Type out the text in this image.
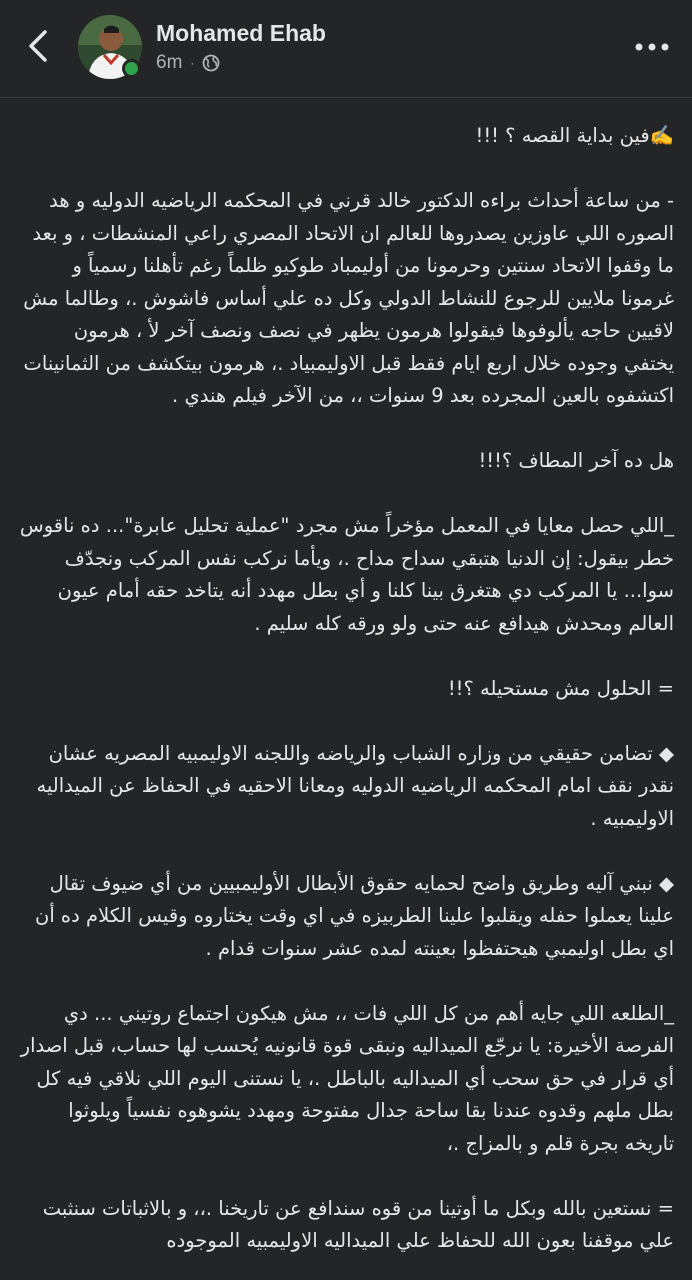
Mohamed Ehab
6m ·

✍️فين بداية القصه ؟ !!!

- من ساعة أحداث براءه الدكتور خالد قرني في المحكمه الرياضيه الدوليه و هد الصوره اللي عاوزين يصدروها للعالم ان الاتحاد المصري راعي المنشطات ، و بعد ما وقفوا الاتحاد سنتين وحرمونا من أوليمباد طوكيو ظلماً رغم تأهلنا رسمياً و غرمونا ملايين للرجوع للنشاط الدولي وكل ده علي أساس فاشوش .، وطالما مش لاقيين حاجه يألوفوها فيقولوا هرمون يظهر في نصف ونصف آخر لأ ، هرمون يختفي وجوده خلال اربع ايام فقط قبل الاوليمبياد .، هرمون بيتكشف من الثمانينات اكتشفوه بالعين المجرده بعد 9 سنوات ،، من الآخر فيلم هندي .

هل ده آخر المطاف ؟!!!

_اللي حصل معايا في المعمل مؤخراً مش مجرد "عملية تحليل عابرة"... ده ناقوس خطر بيقول: إن الدنيا هتبقي سداح مداح .، ويأما نركب نفس المركب ونجدّف سوا... يا المركب دي هتغرق بينا كلنا و أي بطل مهدد أنه يتاخد حقه أمام عيون العالم ومحدش هيدافع عنه حتى ولو ورقه كله سليم .

= الحلول مش مستحيله ؟!!

◆ تضامن حقيقي من وزاره الشباب والرياضه واللجنه الاوليمبيه المصريه عشان نقدر نقف امام المحكمه الرياضيه الدوليه ومعانا الاحقيه في الحفاظ عن الميداليه الاوليمبيه .

◆ نبني آليه وطريق واضح لحمايه حقوق الأبطال الأوليمبيين من أي ضيوف تقال علينا يعملوا حفله ويقلبوا علينا الطربيزه في اي وقت يختاروه وقيس الكلام ده أن اي بطل اوليمبي هيحتفظوا بعينته لمده عشر سنوات قدام .

_الطلعه اللي جايه أهم من كل اللي فات ،، مش هيكون اجتماع روتيني ... دي الفرصة الأخيرة: يا نرجّع الميداليه ونبقى قوة قانونيه يُحسب لها حساب، قبل اصدار أي قرار في حق سحب أي الميداليه بالباطل .، يا نستنى اليوم اللي نلاقي فيه كل بطل ملهم وقدوه عندنا بقا ساحة جدال مفتوحة ومهدد يشوهوه نفسياً ويلوثوا تاريخه بجرة قلم و بالمزاج .،

= نستعين بالله وبكل ما أوتينا من قوه سندافع عن تاريخنا .،، و بالاثباتات سنثبت علي موقفنا بعون الله للحفاظ علي الميداليه الاوليمبيه الموجوده
